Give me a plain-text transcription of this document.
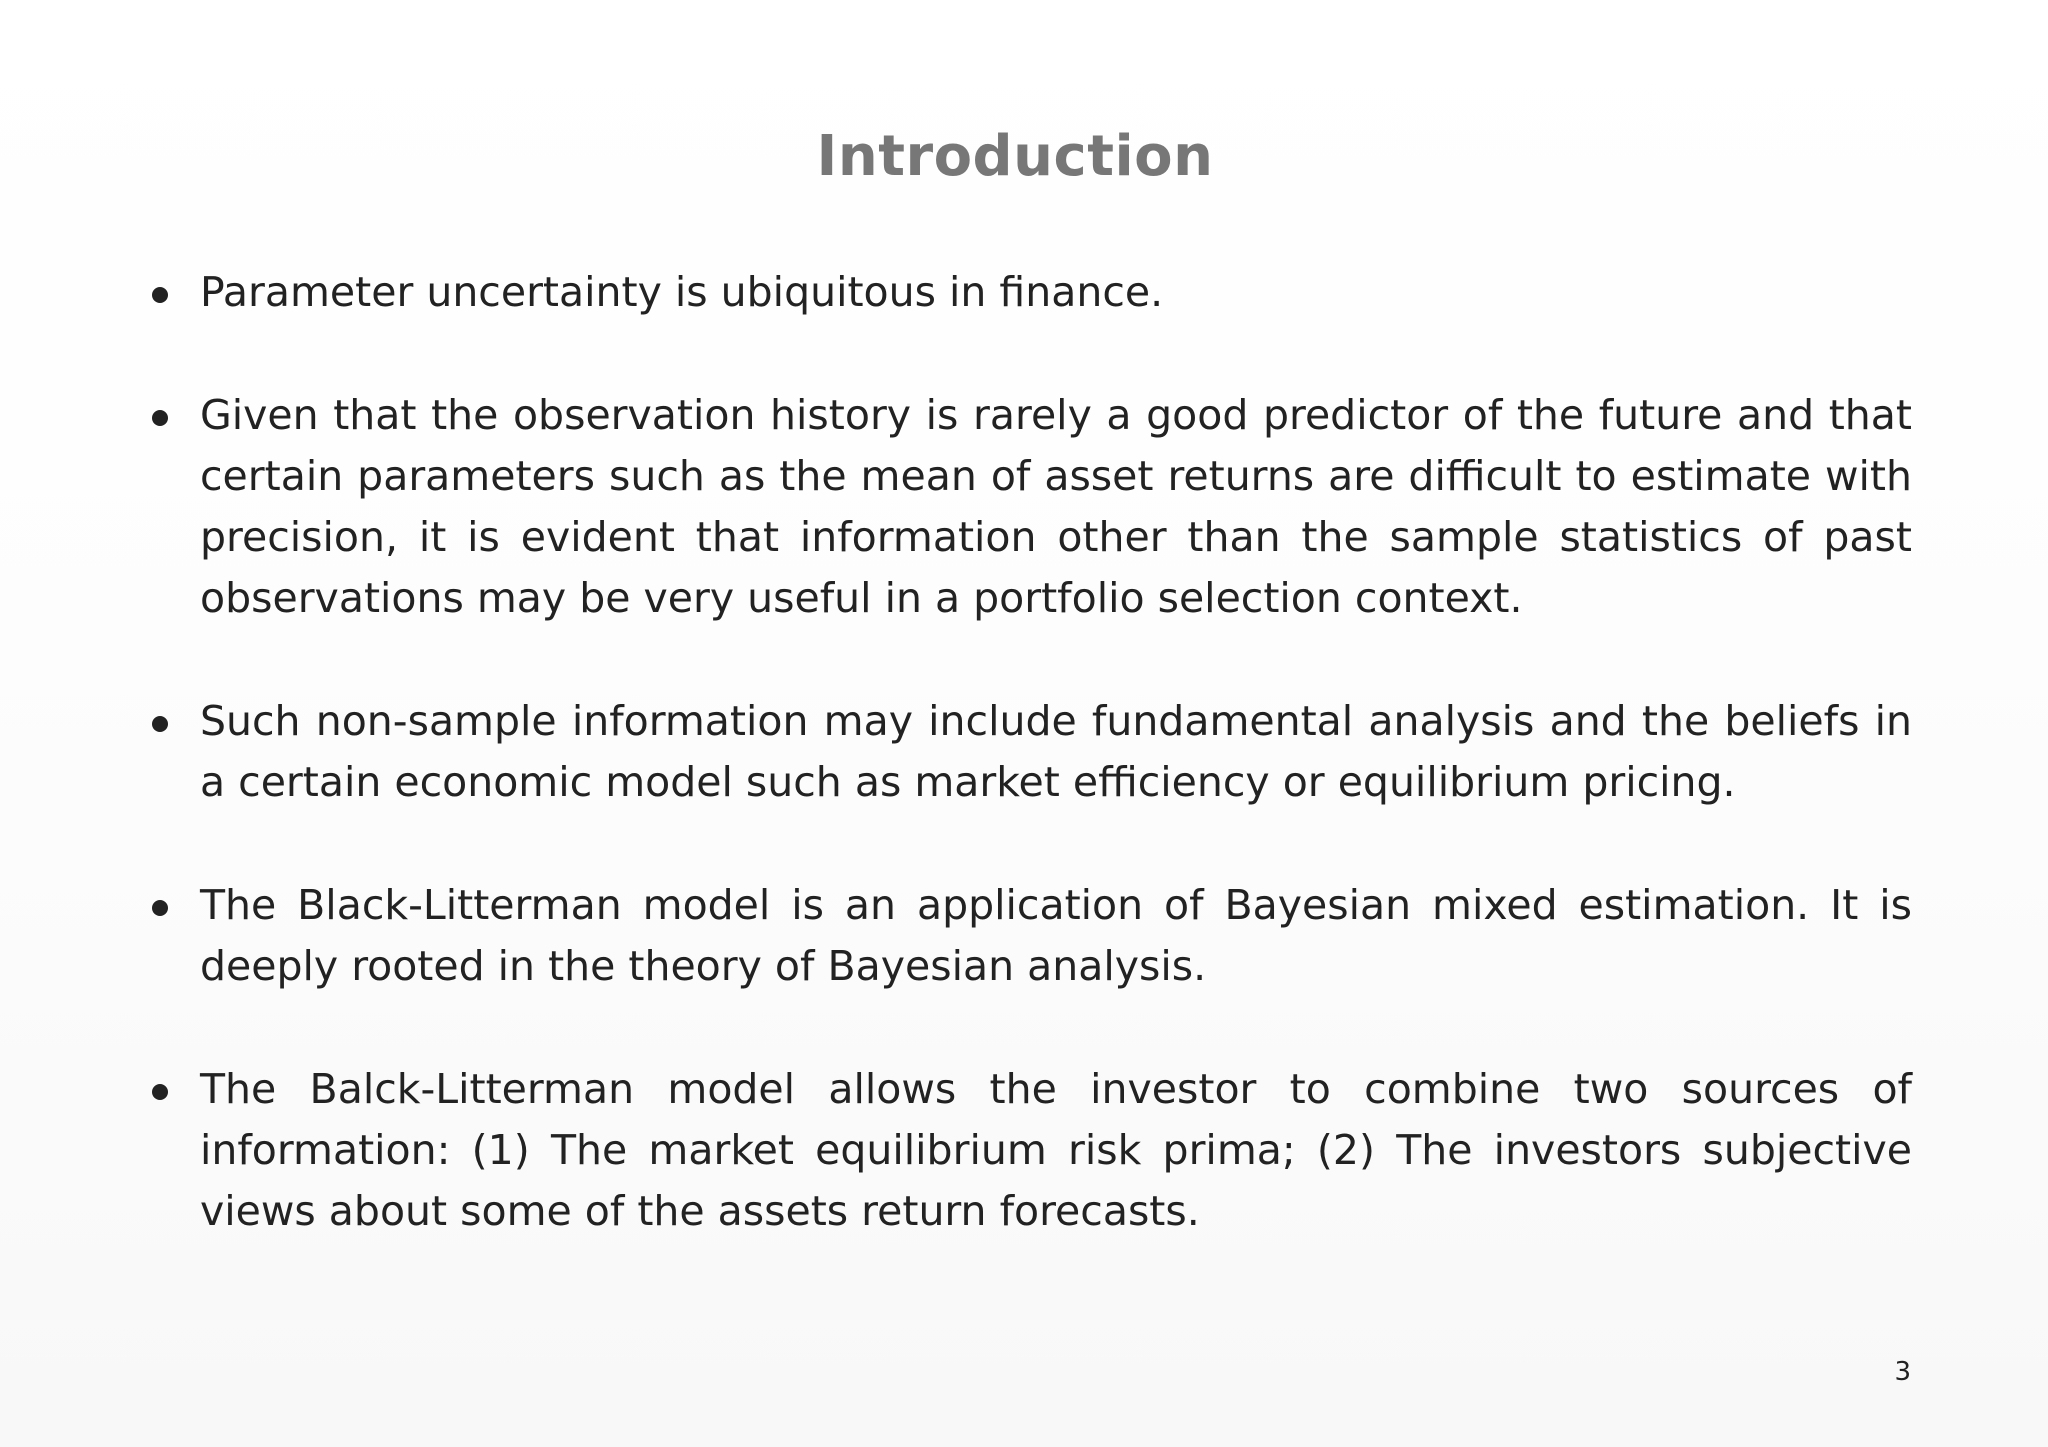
Introduction
Parameter uncertainty is ubiquitous in finance.
Given that the observation history is rarely a good predictor of the future and that certain parameters such as the mean of asset returns are difficult to estimate with precision, it is evident that information other than the sample statistics of past observations may be very useful in a portfolio selection context.
Such non-sample information may include fundamental analysis and the beliefs in a certain economic model such as market efficiency or equilibrium pricing.
The Black-Litterman model is an application of Bayesian mixed estimation. It is deeply rooted in the theory of Bayesian analysis.
The Balck-Litterman model allows the investor to combine two sources of information: (1) The market equilibrium risk prima; (2) The investors subjective views about some of the assets return forecasts.
3
